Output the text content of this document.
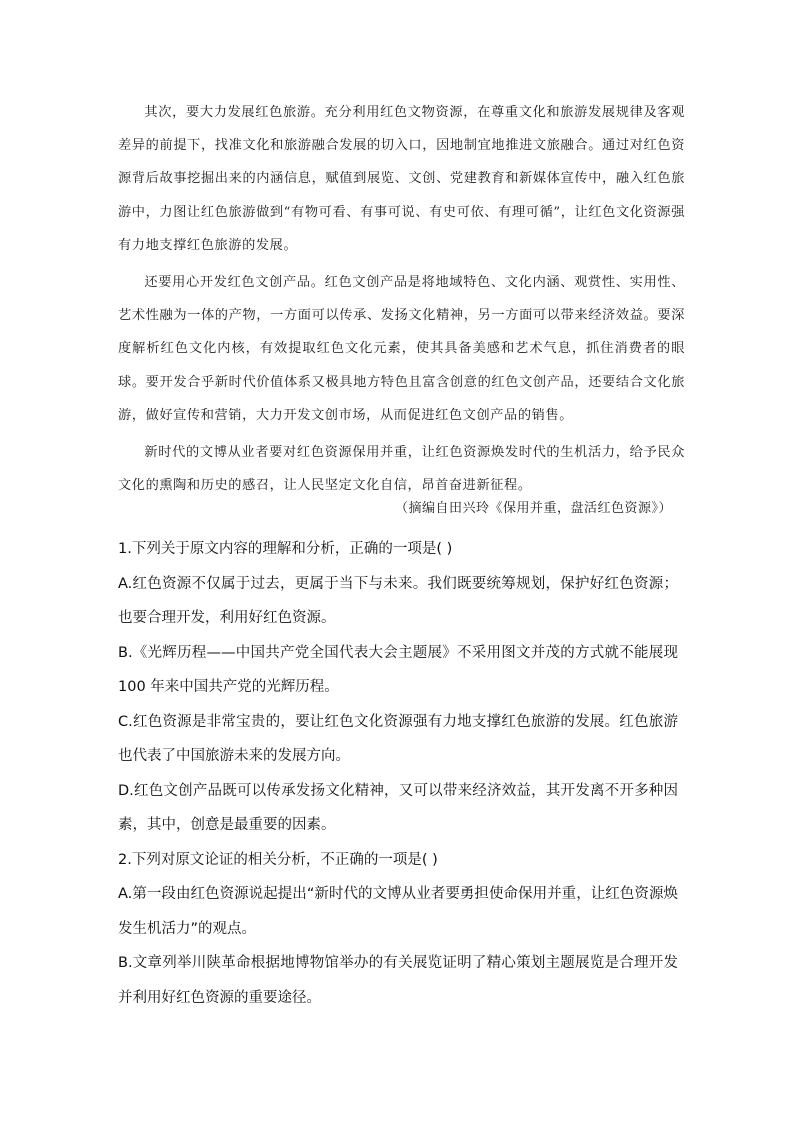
其次，要大力发展红色旅游。充分利用红色文物资源，在尊重文化和旅游发展规律及客观差异的前提下，找准文化和旅游融合发展的切入口，因地制宜地推进文旅融合。通过对红色资源背后故事挖掘出来的内涵信息，赋值到展览、文创、党建教育和新媒体宣传中，融入红色旅游中，力图让红色旅游做到“有物可看、有事可说、有史可依、有理可循”，让红色文化资源强有力地支撑红色旅游的发展。

还要用心开发红色文创产品。红色文创产品是将地域特色、文化内涵、观赏性、实用性、艺术性融为一体的产物，一方面可以传承、发扬文化精神，另一方面可以带来经济效益。要深度解析红色文化内核，有效提取红色文化元素，使其具备美感和艺术气息，抓住消费者的眼球。要开发合乎新时代价值体系又极具地方特色且富含创意的红色文创产品，还要结合文化旅游，做好宣传和营销，大力开发文创市场，从而促进红色文创产品的销售。

新时代的文博从业者要对红色资源保用并重，让红色资源焕发时代的生机活力，给予民众文化的熏陶和历史的感召，让人民坚定文化自信，昂首奋进新征程。

（摘编自田兴玲《保用并重，盘活红色资源》）

1.下列关于原文内容的理解和分析，正确的一项是( )

A.红色资源不仅属于过去，更属于当下与未来。我们既要统筹规划，保护好红色资源；也要合理开发，利用好红色资源。

B.《光辉历程——中国共产党全国代表大会主题展》不采用图文并茂的方式就不能展现 100 年来中国共产党的光辉历程。

C.红色资源是非常宝贵的，要让红色文化资源强有力地支撑红色旅游的发展。红色旅游也代表了中国旅游未来的发展方向。

D.红色文创产品既可以传承发扬文化精神，又可以带来经济效益，其开发离不开多种因素，其中，创意是最重要的因素。

2.下列对原文论证的相关分析，不正确的一项是( )

A.第一段由红色资源说起提出“新时代的文博从业者要勇担使命保用并重，让红色资源焕发生机活力”的观点。

B.文章列举川陕革命根据地博物馆举办的有关展览证明了精心策划主题展览是合理开发并利用好红色资源的重要途径。
